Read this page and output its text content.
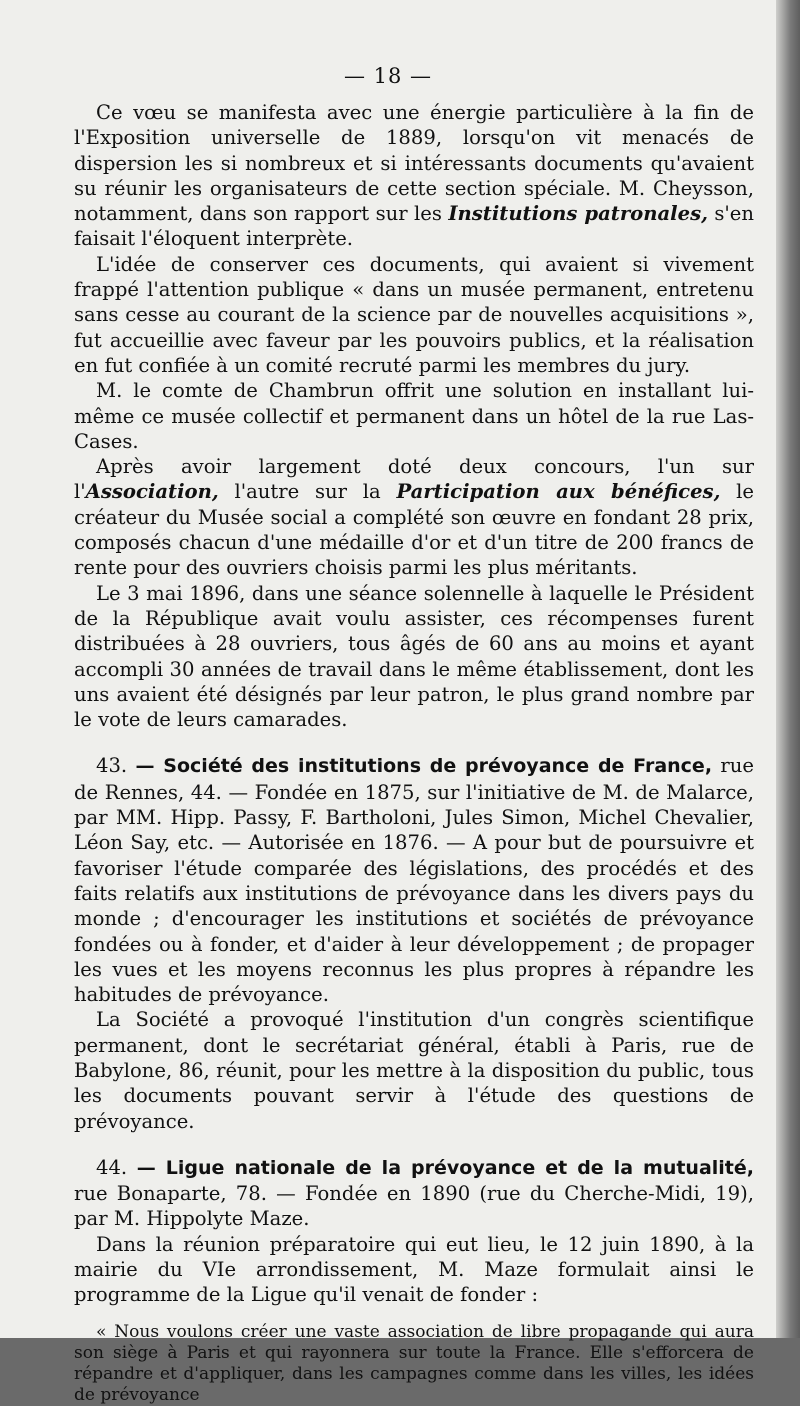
— 18 —

Ce vœu se manifesta avec une énergie particulière à la fin de l'Exposition universelle de 1889, lorsqu'on vit menacés de dispersion les si nombreux et si intéressants documents qu'avaient su réunir les organisateurs de cette section spéciale. M. Cheysson, notamment, dans son rapport sur les Institutions patronales, s'en faisait l'éloquent interprète.

L'idée de conserver ces documents, qui avaient si vivement frappé l'attention publique « dans un musée permanent, entretenu sans cesse au courant de la science par de nouvelles acquisitions », fut accueillie avec faveur par les pouvoirs publics, et la réalisation en fut confiée à un comité recruté parmi les membres du jury.

M. le comte de Chambrun offrit une solution en installant lui-même ce musée collectif et permanent dans un hôtel de la rue Las-Cases.

Après avoir largement doté deux concours, l'un sur l'Association, l'autre sur la Participation aux bénéfices, le créateur du Musée social a complété son œuvre en fondant 28 prix, composés chacun d'une médaille d'or et d'un titre de 200 francs de rente pour des ouvriers choisis parmi les plus méritants.

Le 3 mai 1896, dans une séance solennelle à laquelle le Président de la République avait voulu assister, ces récompenses furent distribuées à 28 ouvriers, tous âgés de 60 ans au moins et ayant accompli 30 années de travail dans le même établissement, dont les uns avaient été désignés par leur patron, le plus grand nombre par le vote de leurs camarades.

43. — Société des institutions de prévoyance de France, rue de Rennes, 44. — Fondée en 1875, sur l'initiative de M. de Malarce, par MM. Hipp. Passy, F. Bartholoni, Jules Simon, Michel Chevalier, Léon Say, etc. — Autorisée en 1876. — A pour but de poursuivre et favoriser l'étude comparée des législations, des procédés et des faits relatifs aux institutions de prévoyance dans les divers pays du monde ; d'encourager les institutions et sociétés de prévoyance fondées ou à fonder, et d'aider à leur développement ; de propager les vues et les moyens reconnus les plus propres à répandre les habitudes de prévoyance.

La Société a provoqué l'institution d'un congrès scientifique permanent, dont le secrétariat général, établi à Paris, rue de Babylone, 86, réunit, pour les mettre à la disposition du public, tous les documents pouvant servir à l'étude des questions de prévoyance.

44. — Ligue nationale de la prévoyance et de la mutualité, rue Bonaparte, 78. — Fondée en 1890 (rue du Cherche-Midi, 19), par M. Hippolyte Maze.

Dans la réunion préparatoire qui eut lieu, le 12 juin 1890, à la mairie du VIe arrondissement, M. Maze formulait ainsi le programme de la Ligue qu'il venait de fonder :

« Nous voulons créer une vaste association de libre propagande qui aura son siège à Paris et qui rayonnera sur toute la France. Elle s'efforcera de répandre et d'appliquer, dans les campagnes comme dans les villes, les idées de prévoyance
